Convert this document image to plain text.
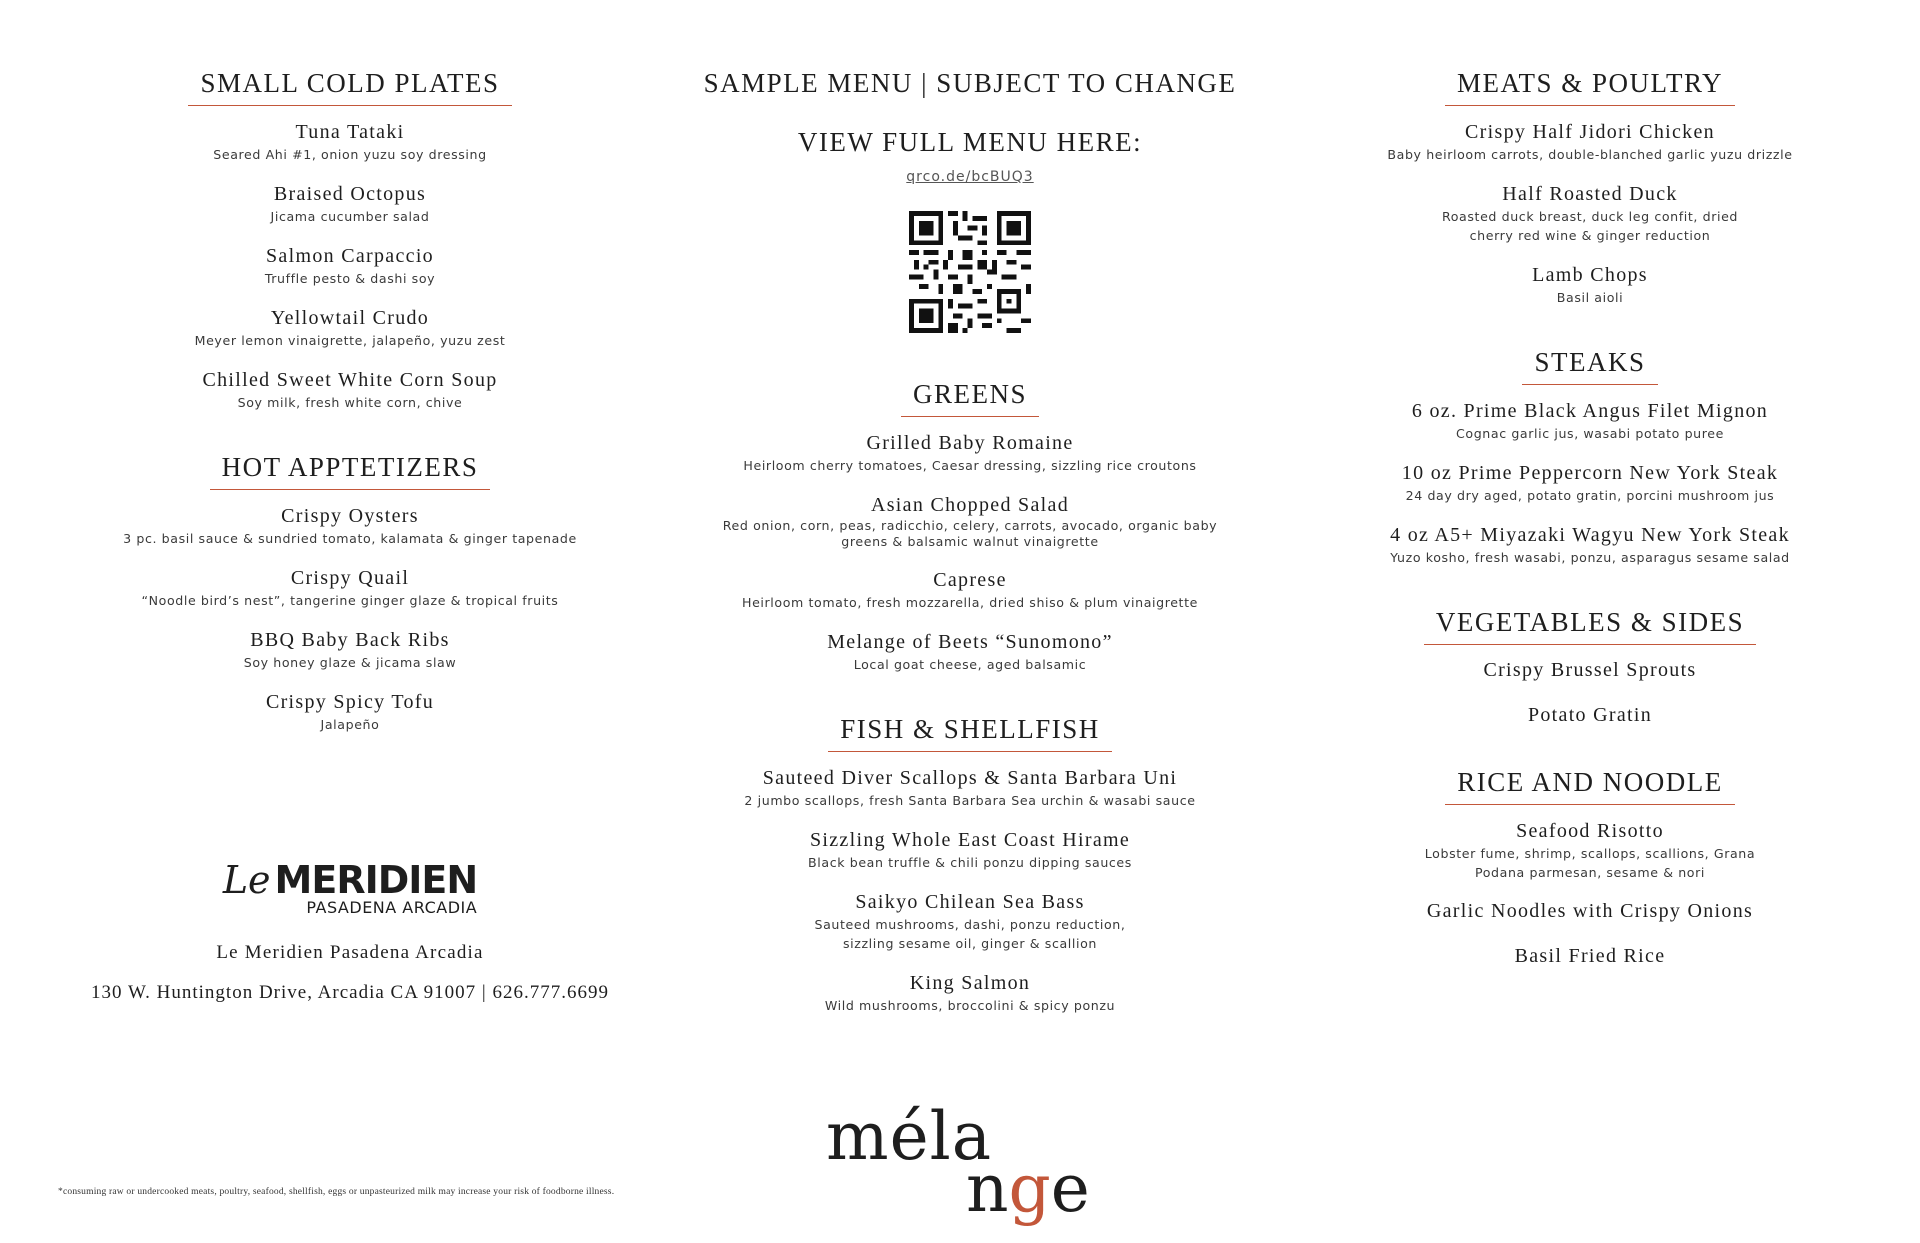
SMALL COLD PLATES
Tuna Tataki
Seared Ahi #1, onion yuzu soy dressing
Braised Octopus
Jicama cucumber salad
Salmon Carpaccio
Truffle pesto & dashi soy
Yellowtail Crudo
Meyer lemon vinaigrette, jalapeño, yuzu zest
Chilled Sweet White Corn Soup
Soy milk, fresh white corn, chive
HOT APPTETIZERS
Crispy Oysters
3 pc. basil sauce & sundried tomato, kalamata & ginger tapenade
Crispy Quail
“Noodle bird’s nest”, tangerine ginger glaze & tropical fruits
BBQ Baby Back Ribs
Soy honey glaze & jicama slaw
Crispy Spicy Tofu
Jalapeño
Le MERIDIEN
PASADENA ARCADIA
Le Meridien Pasadena Arcadia
130 W. Huntington Drive, Arcadia CA 91007 | 626.777.6699
SAMPLE MENU | SUBJECT TO CHANGE
VIEW FULL MENU HERE:
qrco.de/bcBUQ3
GREENS
Grilled Baby Romaine
Heirloom cherry tomatoes, Caesar dressing, sizzling rice croutons
Asian Chopped Salad
Red onion, corn, peas, radicchio, celery, carrots, avocado, organic baby greens & balsamic walnut vinaigrette
Caprese
Heirloom tomato, fresh mozzarella, dried shiso & plum vinaigrette
Melange of Beets “Sunomono”
Local goat cheese, aged balsamic
FISH & SHELLFISH
Sauteed Diver Scallops & Santa Barbara Uni
2 jumbo scallops, fresh Santa Barbara Sea urchin & wasabi sauce
Sizzling Whole East Coast Hirame
Black bean truffle & chili ponzu dipping sauces
Saikyo Chilean Sea Bass
Sauteed mushrooms, dashi, ponzu reduction, sizzling sesame oil, ginger & scallion
King Salmon
Wild mushrooms, broccolini & spicy ponzu
méla
nge
MEATS & POULTRY
Crispy Half Jidori Chicken
Baby heirloom carrots, double-blanched garlic yuzu drizzle
Half Roasted Duck
Roasted duck breast, duck leg confit, dried cherry red wine & ginger reduction
Lamb Chops
Basil aioli
STEAKS
6 oz. Prime Black Angus Filet Mignon
Cognac garlic jus, wasabi potato puree
10 oz Prime Peppercorn New York Steak
24 day dry aged, potato gratin, porcini mushroom jus
4 oz A5+ Miyazaki Wagyu New York Steak
Yuzo kosho, fresh wasabi, ponzu, asparagus sesame salad
VEGETABLES & SIDES
Crispy Brussel Sprouts
Potato Gratin
RICE AND NOODLE
Seafood Risotto
Lobster fume, shrimp, scallops, scallions, Grana Podana parmesan, sesame & nori
Garlic Noodles with Crispy Onions
Basil Fried Rice
*consuming raw or undercooked meats, poultry, seafood, shellfish, eggs or unpasteurized milk may increase your risk of foodborne illness.
